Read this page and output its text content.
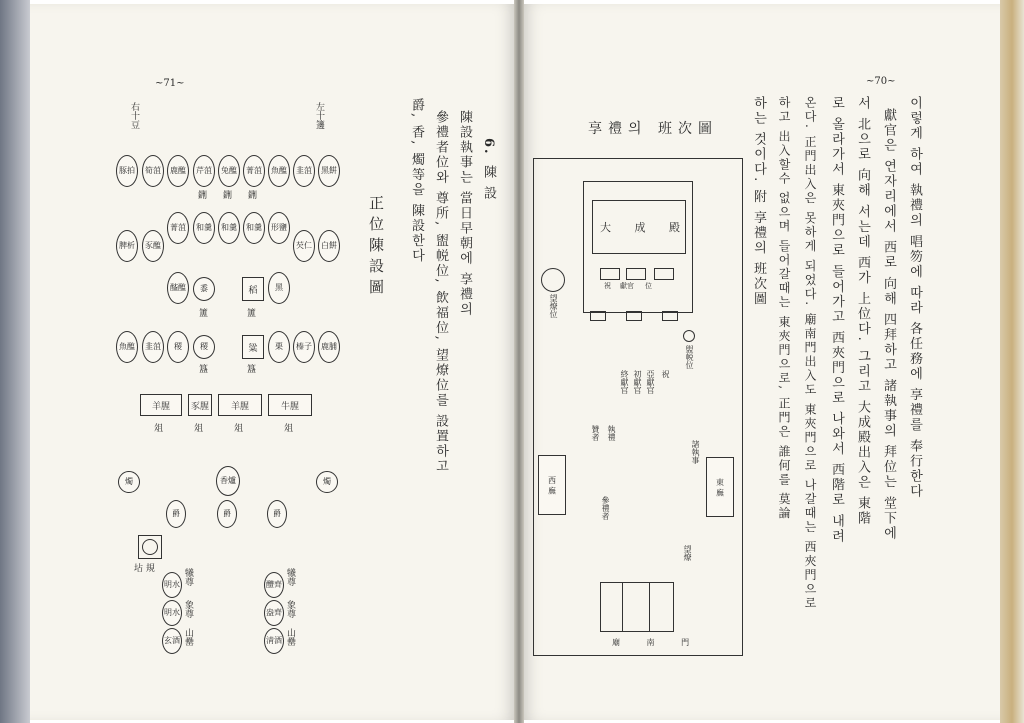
~71~
6.
陳 設
陳設執事는 當日早朝에 享禮의
參禮者位와 尊所, 盥帨位, 飲福位, 望燎位를 設置하고
爵, 香, 燭等을 陳設한다
正位陳設圖
右十豆	左十籩
豚拍	筍菹	鹿醢	芹菹	兔醢	菁菹	魚醢	韭菹	黑餠
鉶 鉶 鉶
脾析	豕醢
菁菹	和羹	和羹	和羹	形鹽
芡仁	白餠
醓醢	黍	稻	黑
簠	簠
魚醢	韭菹	稷	稷	粱	栗	榛子	鹿脯
簋	簋
羊腥	豕腥	羊腥	牛腥
俎	俎	俎	俎
燭	香爐	燭
爵	爵	爵
坫 規
明水
明水
玄酒
犧尊
象尊
山罍
醴齊
盎齊
淸酒
犧尊
象尊
山罍
~70~
이렇게 하여 執禮의 唱笏에 따라 各任務에 享禮를 奉行한다
獻官은 연자리에서 西로 向해 四拜하고 諸執事의 拜位는 堂下에
서 北으로 向해 서는데 西가 上位다. 그리고 大成殿出入은 東階
로 올라가서 東夾門으로 들어가고 西夾門으로 나와서 西階로 내려
온다. 正門出入은 못하게 되었다. 廟南門出入도 東夾門으로 나갈때는 西夾門으로
하고 出入할수 없으며 들어갈때는 東夾門으로, 正門은 誰何를 莫論
하는 것이다. 附 享禮의 班次圖
享禮의 班次圖
大 成 殿
祝 獻官 位
望燎位
盥帨位
亞獻官
初獻官
終獻官	祝
執禮
贊者
諸執事
西 廡	東 廡
參禮者
望燎
廟 南 門
